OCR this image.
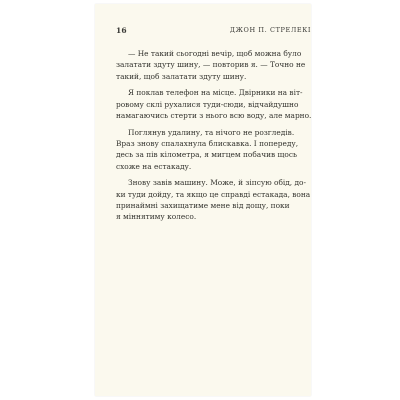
16	ДЖОН П. СТРЕЛЕКІ

— Не такий сьогодні вечір, щоб можна було
залатати здуту шину, — повторив я. — Точно не
такий, щоб залатати здуту шину.

Я поклав телефон на місце. Двірники на віт-
ровому склі рухалися туди-сюди, відчайдушно
намагаючись стерти з нього всю воду, але марно.

Поглянув удалину, та нічого не розгледів.
Враз знову спалахнула блискавка. І попереду,
десь за пів кілометра, я мигцем побачив щось
схоже на естакаду.

Знову завів машину. Може, й зіпсую обід, до-
ки туди дойду, та якщо це справді естакада, вона
принаймні захищатиме мене від дощу, поки
я міннятиму колесо.
